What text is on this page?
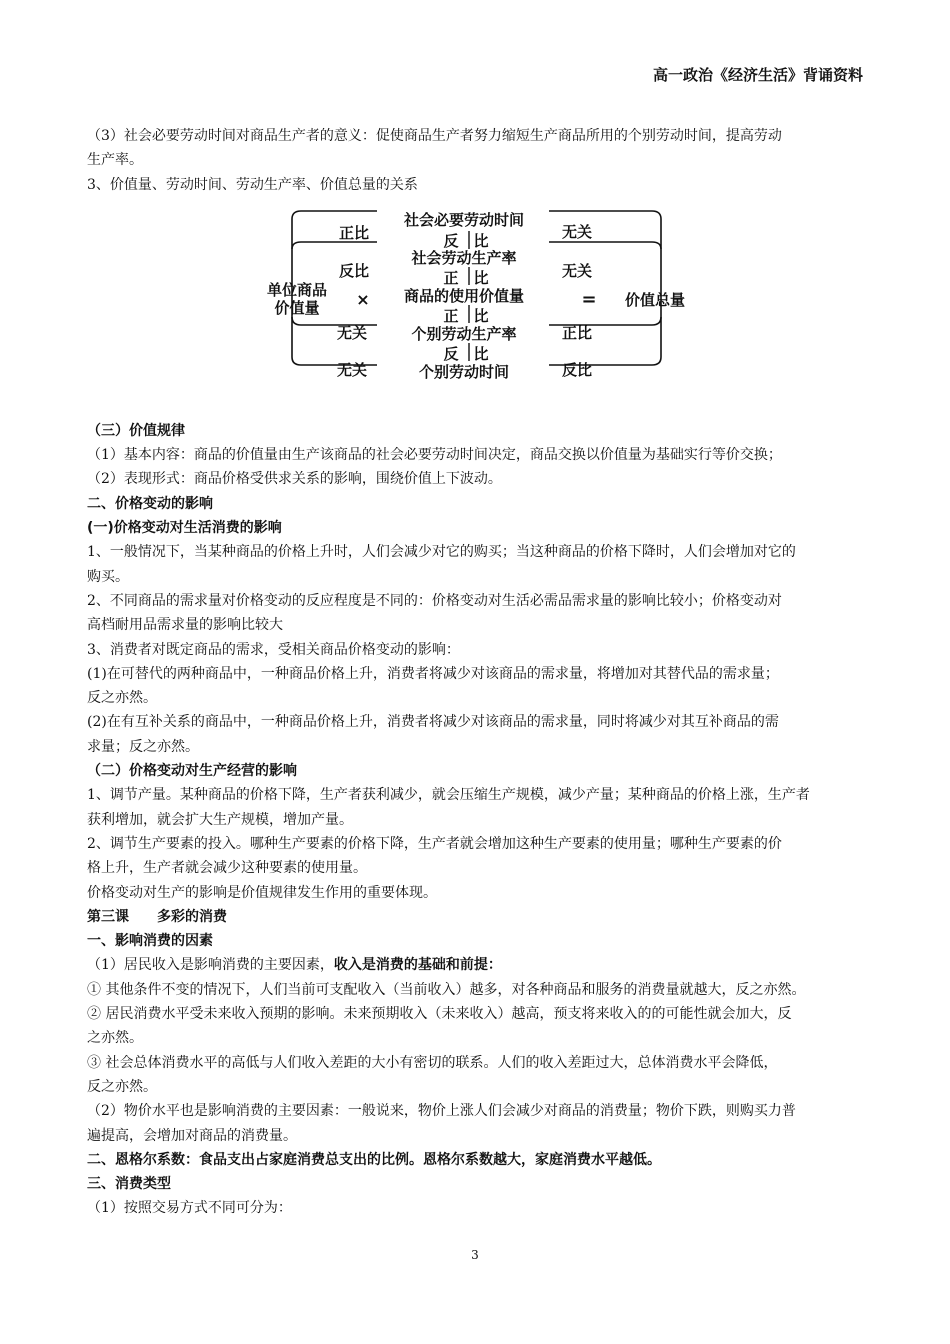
高一政治《经济生活》背诵资料

（3）社会必要劳动时间对商品生产者的意义：促使商品生产者努力缩短生产商品所用的个别劳动时间，提高劳动

生产率。

3、价值量、劳动时间、劳动生产率、价值总量的关系

社会必要劳动时间
反 比
社会劳动生产率
正 比
商品的使用价值量
正 比
个别劳动生产率
反 比
个别劳动时间
单位商品
价值量 ×	= 价值总量
正比
反比
无关
无关
无关
无关
正比
反比

（三）价值规律

（1）基本内容：商品的价值量由生产该商品的社会必要劳动时间决定，商品交换以价值量为基础实行等价交换；

（2）表现形式：商品价格受供求关系的影响，围绕价值上下波动。

二、价格变动的影响

(一)价格变动对生活消费的影响

1、一般情况下，当某种商品的价格上升时，人们会减少对它的购买；当这种商品的价格下降时，人们会增加对它的

购买。

2、不同商品的需求量对价格变动的反应程度是不同的：价格变动对生活必需品需求量的影响比较小；价格变动对

高档耐用品需求量的影响比较大

3、消费者对既定商品的需求，受相关商品价格变动的影响：

(1)在可替代的两种商品中，一种商品价格上升，消费者将减少对该商品的需求量，将增加对其替代品的需求量；

反之亦然。

(2)在有互补关系的商品中，一种商品价格上升，消费者将减少对该商品的需求量，同时将减少对其互补商品的需

求量；反之亦然。

（二）价格变动对生产经营的影响

1、调节产量。某种商品的价格下降，生产者获利减少，就会压缩生产规模，减少产量；某种商品的价格上涨，生产者

获利增加，就会扩大生产规模，增加产量。

2、调节生产要素的投入。哪种生产要素的价格下降，生产者就会增加这种生产要素的使用量；哪种生产要素的价

格上升，生产者就会减少这种要素的使用量。

价格变动对生产的影响是价值规律发生作用的重要体现。

第三课　　多彩的消费

一、影响消费的因素

（1）居民收入是影响消费的主要因素，收入是消费的基础和前提：

① 其他条件不变的情况下，人们当前可支配收入（当前收入）越多，对各种商品和服务的消费量就越大，反之亦然。

② 居民消费水平受未来收入预期的影响。未来预期收入（未来收入）越高，预支将来收入的的可能性就会加大，反

之亦然。

③ 社会总体消费水平的高低与人们收入差距的大小有密切的联系。人们的收入差距过大，总体消费水平会降低，

反之亦然。

（2）物价水平也是影响消费的主要因素：一般说来，物价上涨人们会减少对商品的消费量；物价下跌，则购买力普

遍提高，会增加对商品的消费量。

二、恩格尔系数：食品支出占家庭消费总支出的比例。恩格尔系数越大，家庭消费水平越低。

三、消费类型

（1）按照交易方式不同可分为：

3
